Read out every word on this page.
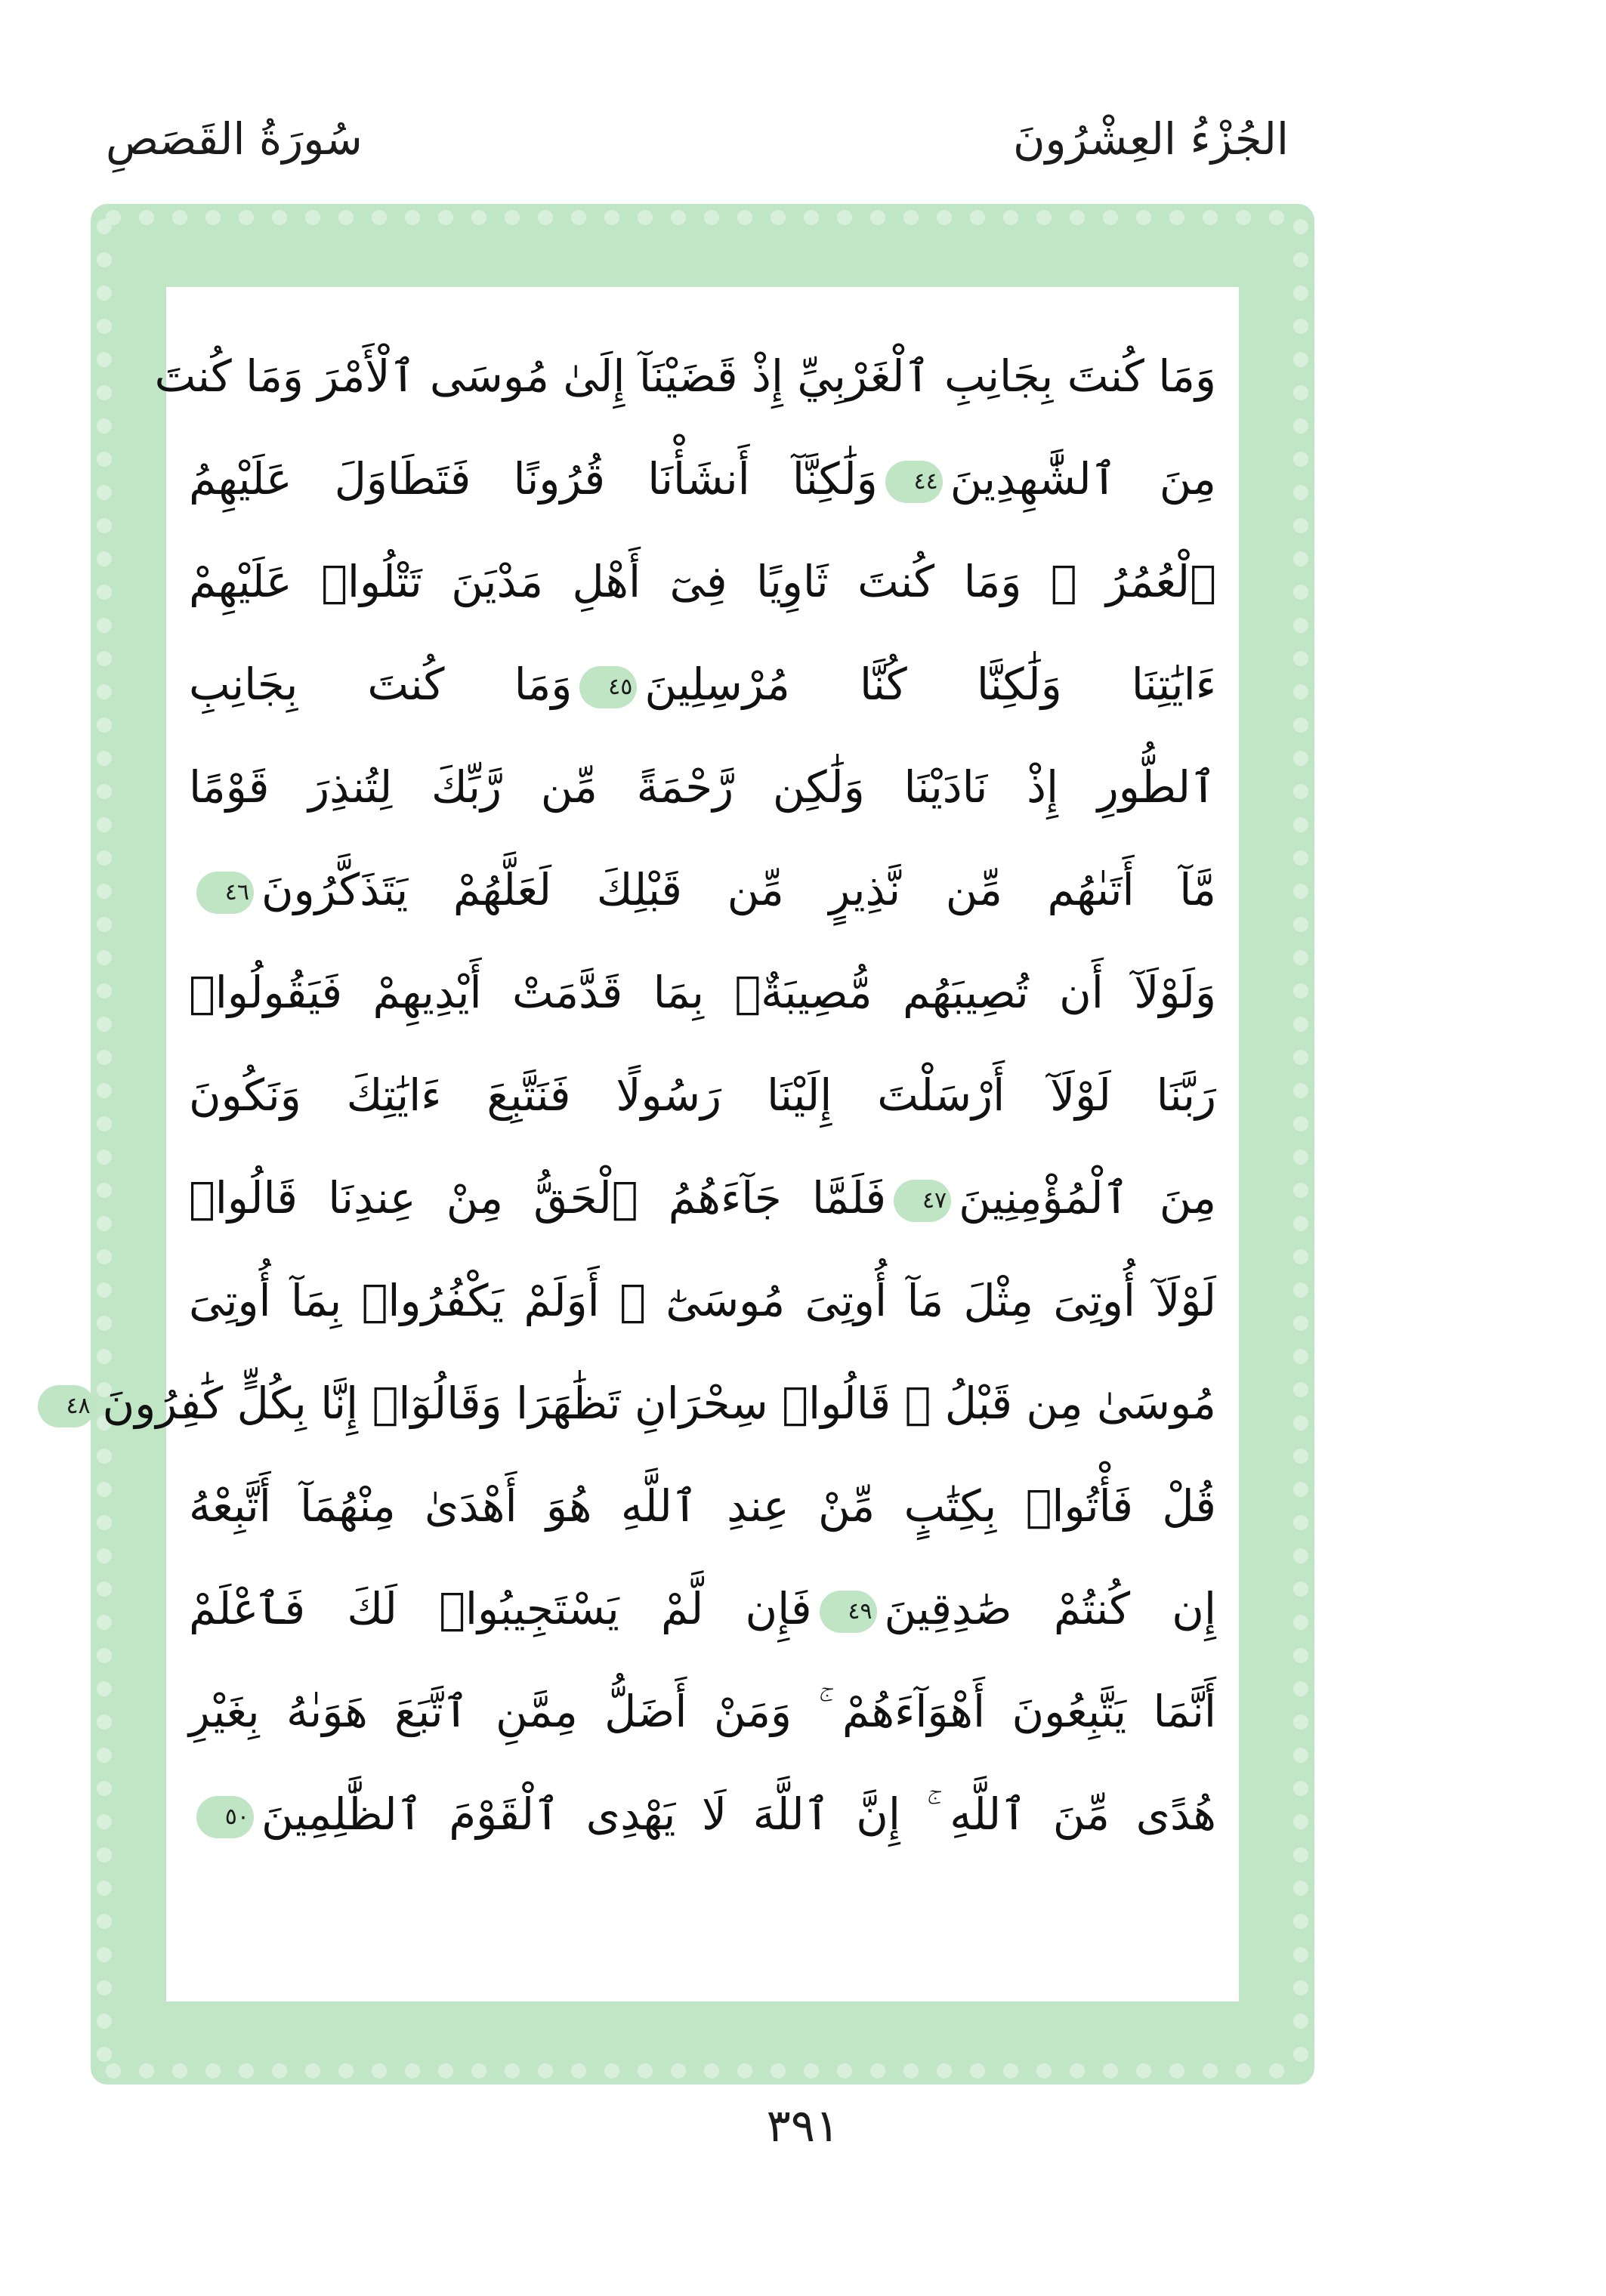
الجُزْءُ العِشْرُونَ
سُورَةُ القَصَصِ
وَمَا كُنتَ بِجَانِبِ ٱلْغَرْبِيِّ إِذْ قَضَيْنَآ إِلَىٰ مُوسَى ٱلْأَمْرَ وَمَا كُنتَ
مِنَ ٱلشَّٰهِدِينَ٤٤وَلَٰكِنَّآ أَنشَأْنَا قُرُونًا فَتَطَاوَلَ عَلَيْهِمُ
ٱلْعُمُرُ ۚ وَمَا كُنتَ ثَاوِيًا فِىٓ أَهْلِ مَدْيَنَ تَتْلُوا۟ عَلَيْهِمْ
ءَايَٰتِنَا وَلَٰكِنَّا كُنَّا مُرْسِلِينَ٤٥وَمَا كُنتَ بِجَانِبِ
ٱلطُّورِ إِذْ نَادَيْنَا وَلَٰكِن رَّحْمَةً مِّن رَّبِّكَ لِتُنذِرَ قَوْمًا
مَّآ أَتَىٰهُم مِّن نَّذِيرٍ مِّن قَبْلِكَ لَعَلَّهُمْ يَتَذَكَّرُونَ٤٦
وَلَوْلَآ أَن تُصِيبَهُم مُّصِيبَةٌۢ بِمَا قَدَّمَتْ أَيْدِيهِمْ فَيَقُولُوا۟
رَبَّنَا لَوْلَآ أَرْسَلْتَ إِلَيْنَا رَسُولًا فَنَتَّبِعَ ءَايَٰتِكَ وَنَكُونَ
مِنَ ٱلْمُؤْمِنِينَ٤٧فَلَمَّا جَآءَهُمُ ٱلْحَقُّ مِنْ عِندِنَا قَالُوا۟
لَوْلَآ أُوتِىَ مِثْلَ مَآ أُوتِىَ مُوسَىٰٓ ۚ أَوَلَمْ يَكْفُرُوا۟ بِمَآ أُوتِىَ
مُوسَىٰ مِن قَبْلُ ۖ قَالُوا۟ سِحْرَانِ تَظَٰهَرَا وَقَالُوٓا۟ إِنَّا بِكُلٍّ كَٰفِرُونَ٤٨
قُلْ فَأْتُوا۟ بِكِتَٰبٍ مِّنْ عِندِ ٱللَّهِ هُوَ أَهْدَىٰ مِنْهُمَآ أَتَّبِعْهُ
إِن كُنتُمْ صَٰدِقِينَ٤٩فَإِن لَّمْ يَسْتَجِيبُوا۟ لَكَ فَٱعْلَمْ
أَنَّمَا يَتَّبِعُونَ أَهْوَآءَهُمْ ۚ وَمَنْ أَضَلُّ مِمَّنِ ٱتَّبَعَ هَوَىٰهُ بِغَيْرِ
هُدًى مِّنَ ٱللَّهِ ۚ إِنَّ ٱللَّهَ لَا يَهْدِى ٱلْقَوْمَ ٱلظَّٰلِمِينَ٥٠
٣٩١
